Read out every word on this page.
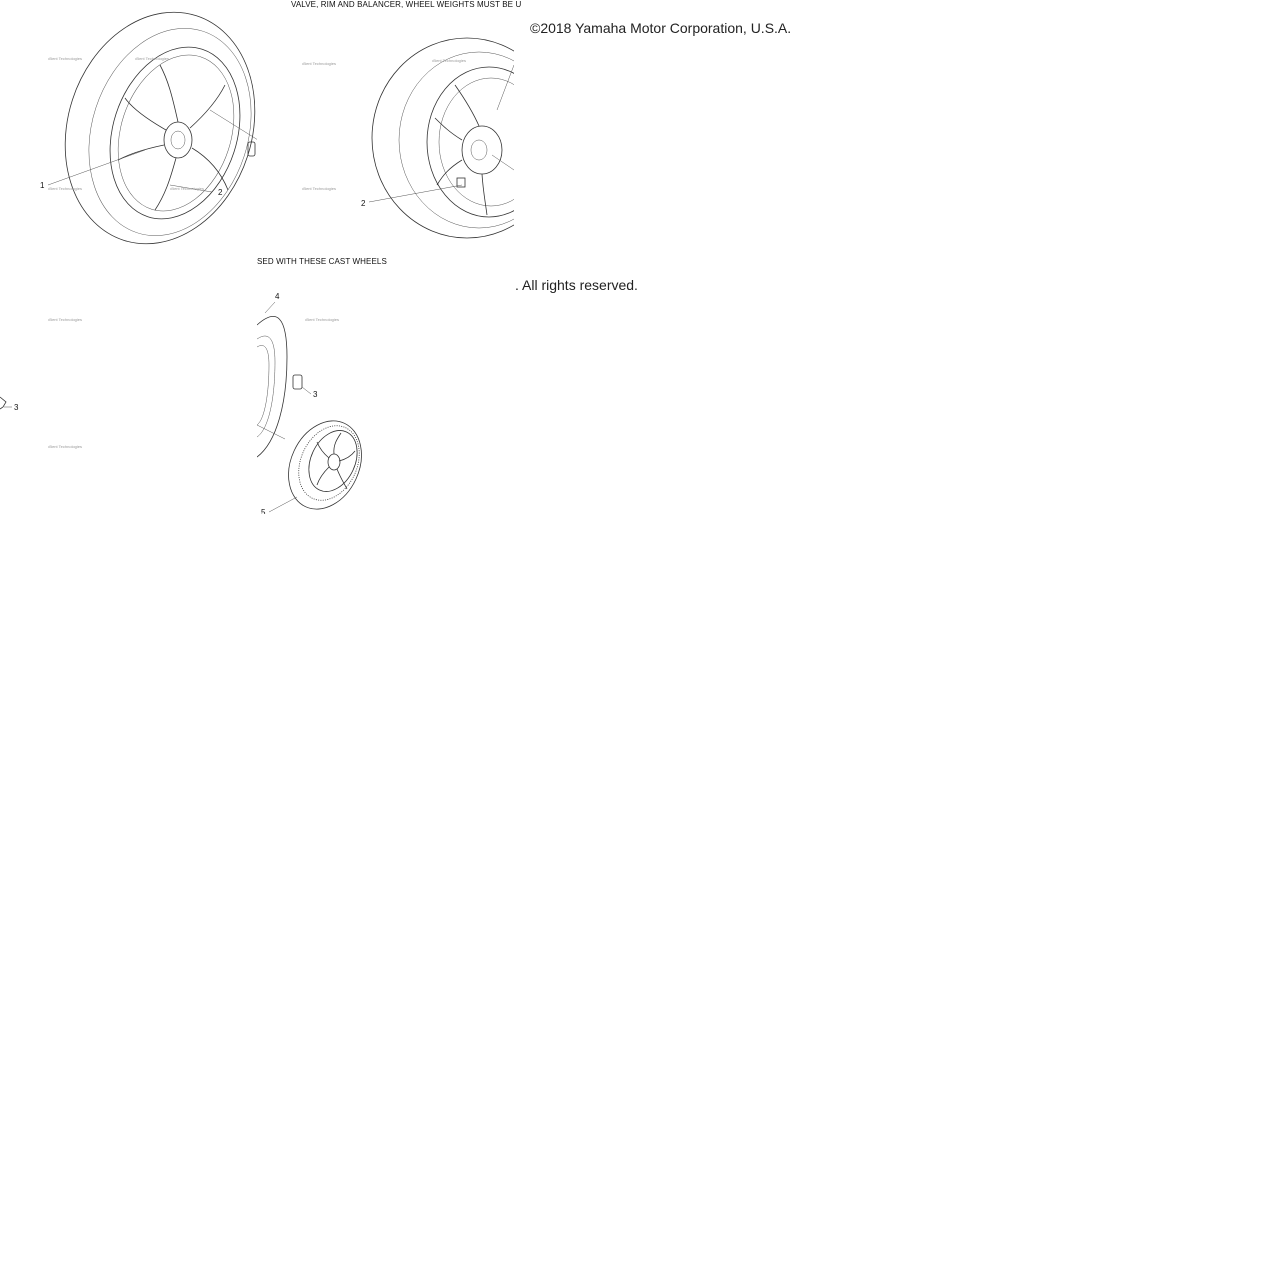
1
2
•Bent Technologies	•Bent Technologies
•Bent Technologies	•Bent Technologies
2
•Bent Technologies
•Bent Technologies
•Bent Technologies
3
•Bent Technologies
•Bent Technologies
3
4
5
•Bent Technologies
VALVE, RIM AND BALANCER, WHEEL WEIGHTS MUST BE U
SED WITH THESE CAST WHEELS
©2018 Yamaha Motor Corporation, U.S.A.
. All rights reserved.
